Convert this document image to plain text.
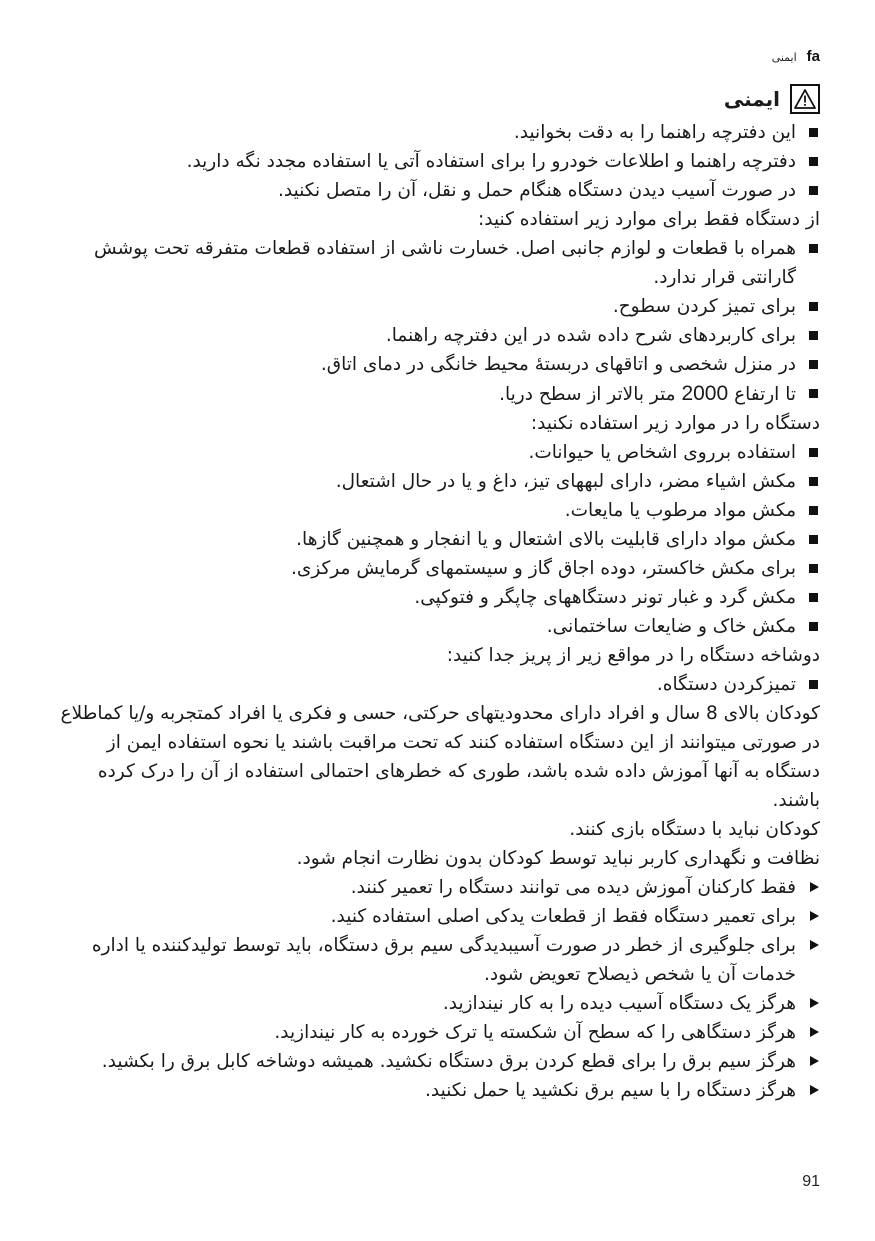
fa
ایمنی
ایمنی
این دفترچه راهنما را به دقت بخوانید.
دفترچه راهنما و اطلاعات خودرو را برای استفاده آتی یا استفاده مجدد نگه دارید.
در صورت آسیب دیدن دستگاه هنگام حمل و نقل، آن را متصل نکنید.
از دستگاه فقط برای موارد زیر استفاده کنید:
همراه با قطعات و لوازم جانبی اصل. خسارت ناشی از استفاده قطعات متفرقه تحت پوشش گارانتی قرار ندارد.
برای تمیز کردن سطوح.
برای کاربردهای شرح داده شده در این دفترچه راهنما.
در منزل شخصی و اتاقهای دربستهٔ محیط خانگی در دمای اتاق.
تا ارتفاع 2000 متر بالاتر از سطح دریا.
دستگاه را در موارد زیر استفاده نکنید:
استفاده برروی اشخاص یا حیوانات.
مکش اشیاء مضر، دارای لبههای تیز، داغ و یا در حال اشتعال.
مکش مواد مرطوب یا مایعات.
مکش مواد دارای قابلیت بالای اشتعال و یا انفجار و همچنین گازها.
برای مکش خاکستر، دوده اجاق گاز و سیستمهای گرمایش مرکزی.
مکش گرد و غبار تونر دستگاههای چاپگر و فتوکپی.
مکش خاک و ضایعات ساختمانی.
دوشاخه دستگاه را در مواقع زیر از پریز جدا کنید:
تمیزکردن دستگاه.
کودکان بالای 8 سال و افراد دارای محدودیتهای حرکتی، حسی و فکری یا افراد کمتجربه و/یا کماطلاع در صورتی میتوانند از این دستگاه استفاده کنند که تحت مراقبت باشند یا نحوه استفاده ایمن از دستگاه به آنها آموزش داده شده باشد، طوری که خطرهای احتمالی استفاده از آن را درک کرده باشند.
کودکان نباید با دستگاه بازی کنند.
نظافت و نگهداری کاربر نباید توسط کودکان بدون نظارت انجام شود.
فقط کارکنان آموزش دیده می توانند دستگاه را تعمیر کنند.
برای تعمیر دستگاه فقط از قطعات یدکی اصلی استفاده کنید.
برای جلوگیری از خطر در صورت آسیبدیدگی سیم برق دستگاه، باید توسط تولیدکننده یا اداره خدمات آن یا شخص ذیصلاح تعویض شود.
هرگز یک دستگاه آسیب دیده را به کار نیندازید.
هرگز دستگاهی را که سطح آن شکسته یا ترک خورده به کار نیندازید.
هرگز سیم برق را برای قطع کردن برق دستگاه نکشید. همیشه دوشاخه کابل برق را بکشید.
هرگز دستگاه را با سیم برق نکشید یا حمل نکنید.
91
